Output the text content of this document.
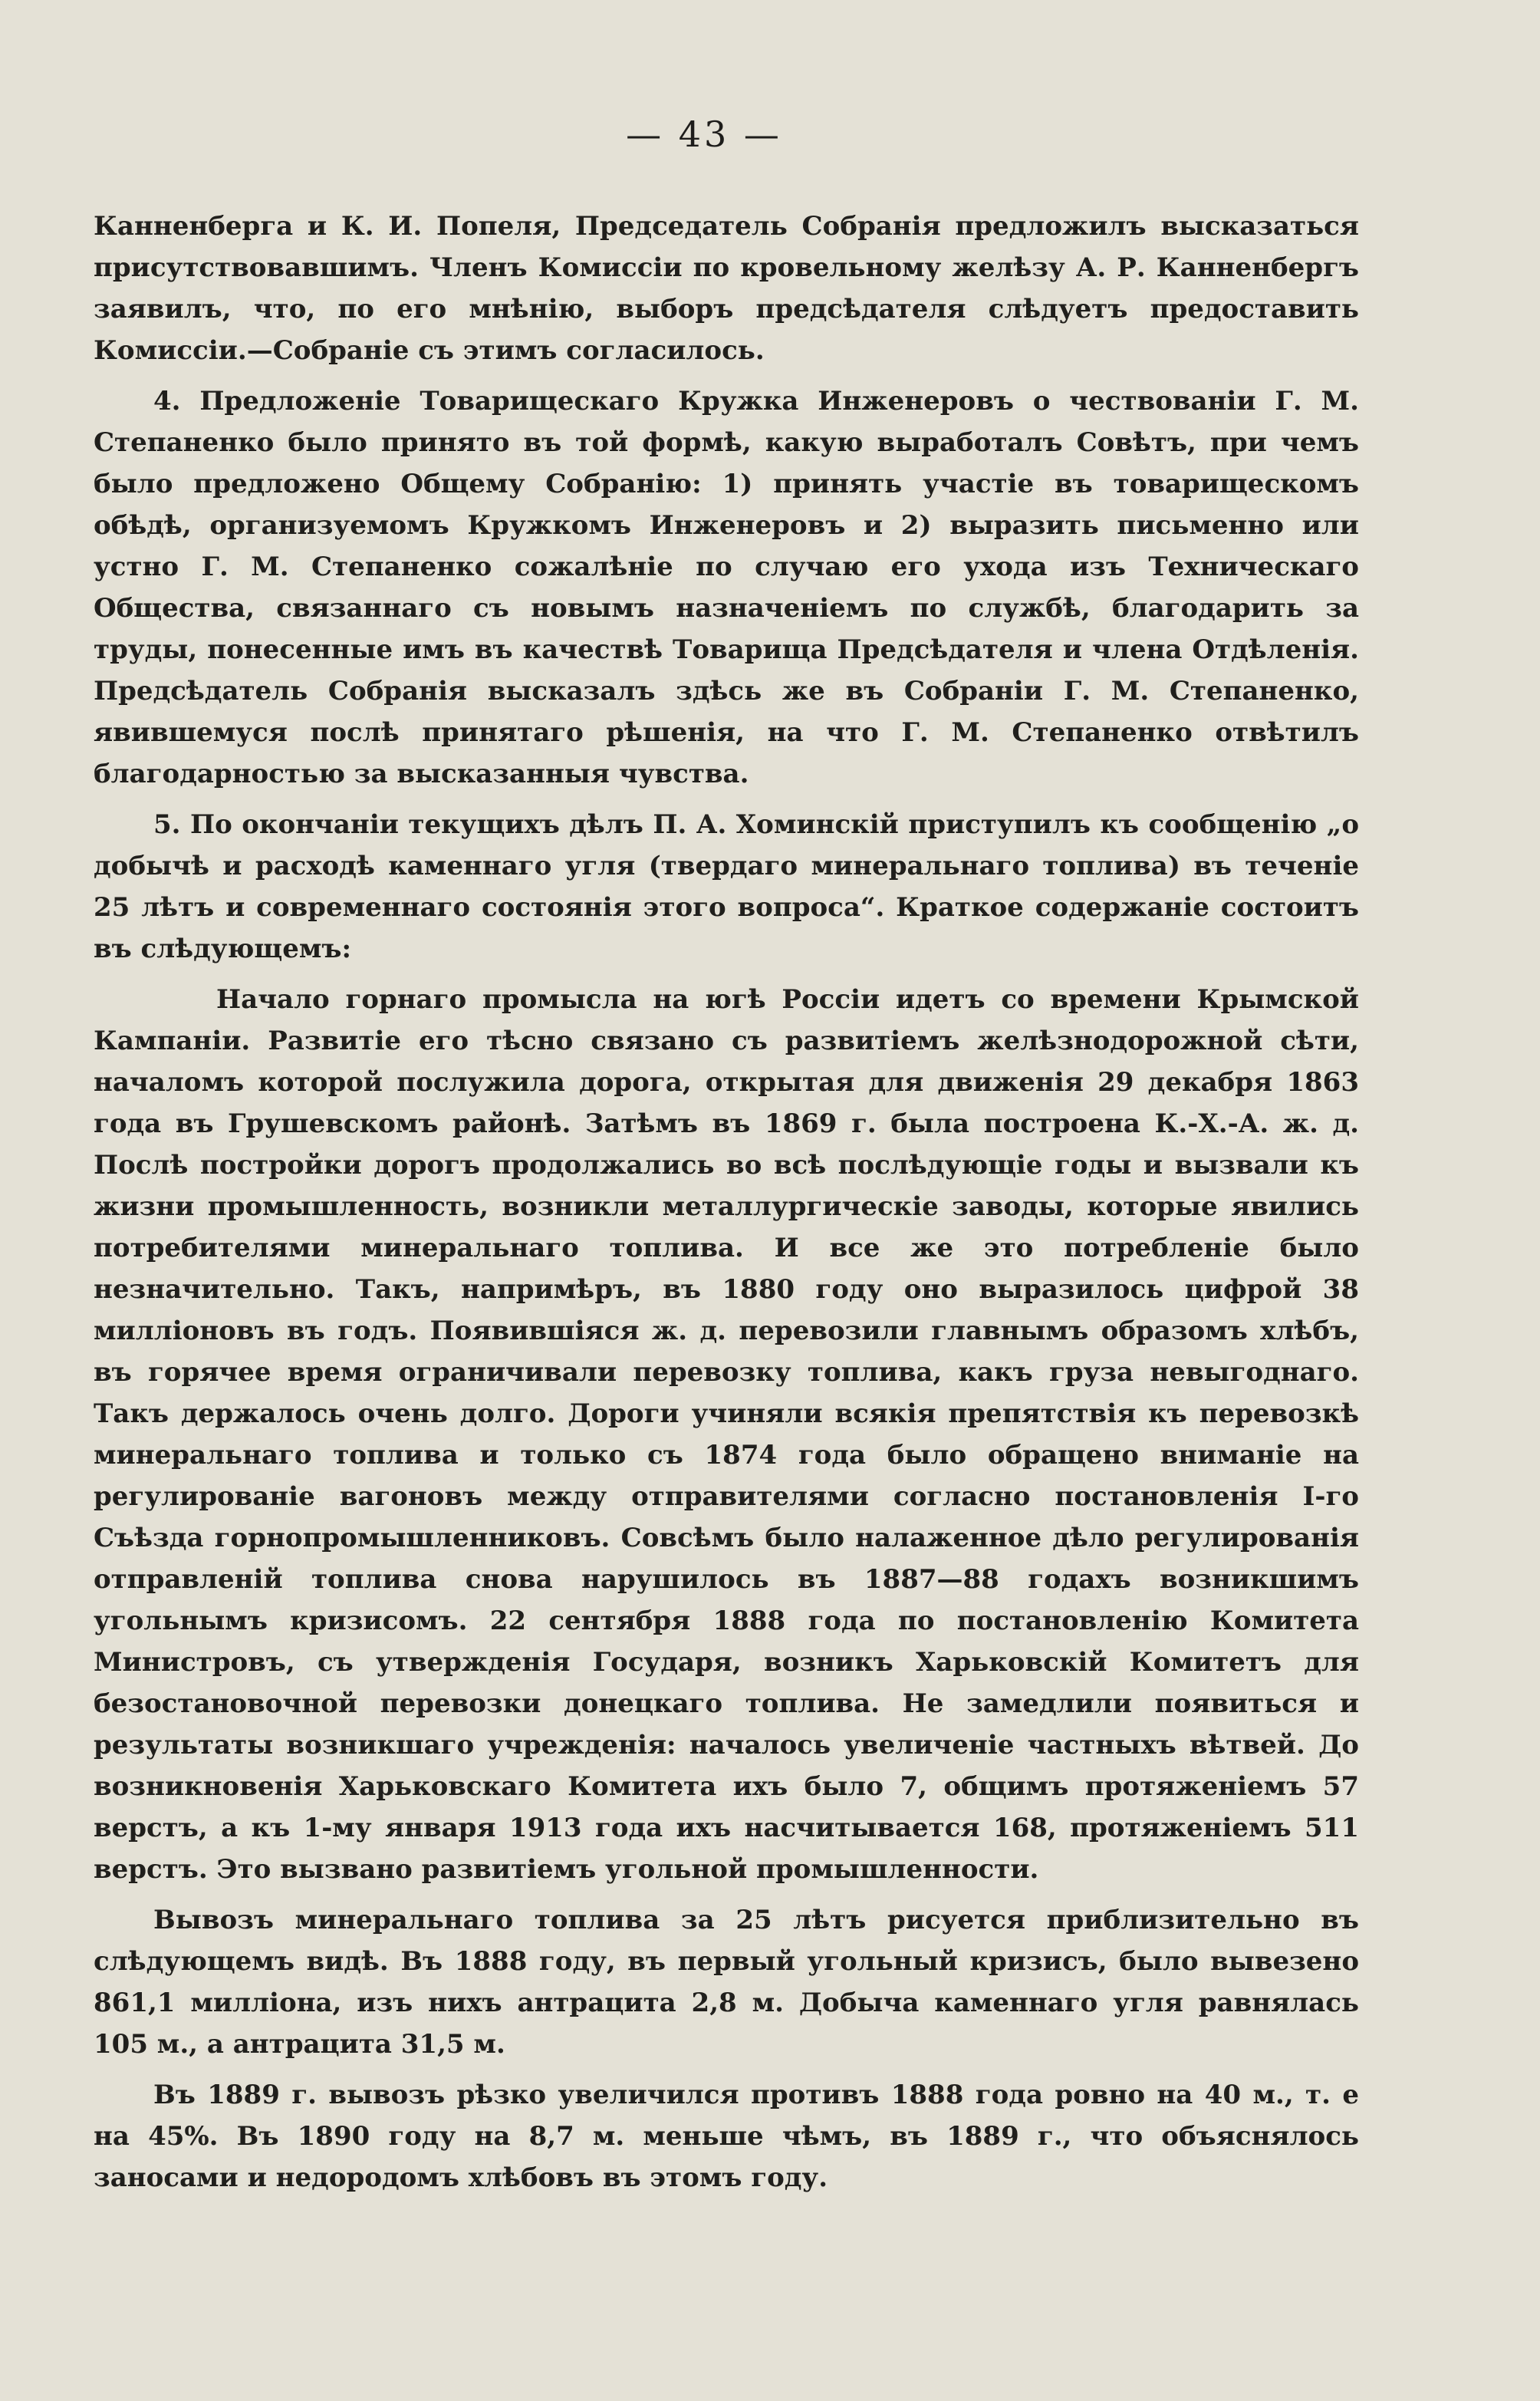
— 43 —

Канненберга и К. И. Попеля, Председатель Собранія предложилъ высказаться присутствовавшимъ. Членъ Комиссіи по кровельному желѣзу А. Р. Канненбергъ заявилъ, что, по его мнѣнію, выборъ предсѣдателя слѣдуетъ предоставить Комиссіи.—Собраніе съ этимъ согласилось.

4. Предложеніе Товарищескаго Кружка Инженеровъ о чествованіи Г. М. Степаненко было принято въ той формѣ, какую выработалъ Совѣтъ, при чемъ было предложено Общему Собранію: 1) принять участіе въ товарищескомъ обѣдѣ, организуемомъ Кружкомъ Инженеровъ и 2) выразить письменно или устно Г. М. Степаненко сожалѣніе по случаю его ухода изъ Техническаго Общества, связаннаго съ новымъ назначеніемъ по службѣ, благодарить за труды, понесенные имъ въ качествѣ Товарища Предсѣдателя и члена Отдѣленія. Предсѣдатель Собранія высказалъ здѣсь же въ Собраніи Г. М. Степаненко, явившемуся послѣ принятаго рѣшенія, на что Г. М. Степаненко отвѣтилъ благодарностью за высказанныя чувства.

5. По окончаніи текущихъ дѣлъ П. А. Хоминскій приступилъ къ сообщенію „о добычѣ и расходѣ каменнаго угля (твердаго минеральнаго топлива) въ теченіе 25 лѣтъ и современнаго состоянія этого вопроса“. Краткое содержаніе состоитъ въ слѣдующемъ:

Начало горнаго промысла на югѣ Россіи идетъ со времени Крымской Кампаніи. Развитіе его тѣсно связано съ развитіемъ желѣзнодорожной сѣти, началомъ которой послужила дорога, открытая для движенія 29 декабря 1863 года въ Грушевскомъ районѣ. Затѣмъ въ 1869 г. была построена К.-Х.-А. ж. д. Послѣ постройки дорогъ продолжались во всѣ послѣдующіе годы и вызвали къ жизни промышленность, возникли металлургическіе заводы, которые явились потребителями минеральнаго топлива. И все же это потребленіе было незначительно. Такъ, напримѣръ, въ 1880 году оно выразилось цифрой 38 милліоновъ въ годъ. Появившіяся ж. д. перевозили главнымъ образомъ хлѣбъ, въ горячее время ограничивали перевозку топлива, какъ груза невыгоднаго. Такъ держалось очень долго. Дороги учиняли всякія препятствія къ перевозкѣ минеральнаго топлива и только съ 1874 года было обращено вниманіе на регулированіе вагоновъ между отправителями согласно постановленія І-го Съѣзда горнопромышленниковъ. Совсѣмъ было налаженное дѣло регулированія отправленій топлива снова нарушилось въ 1887—88 годахъ возникшимъ угольнымъ кризисомъ. 22 сентября 1888 года по постановленію Комитета Министровъ, съ утвержденія Государя, возникъ Харьковскій Комитетъ для безостановочной перевозки донецкаго топлива. Не замедлили появиться и результаты возникшаго учрежденія: началось увеличеніе частныхъ вѣтвей. До возникновенія Харьковскаго Комитета ихъ было 7, общимъ протяженіемъ 57 верстъ, а къ 1-му января 1913 года ихъ насчитывается 168, протяженіемъ 511 верстъ. Это вызвано развитіемъ угольной промышленности.

Вывозъ минеральнаго топлива за 25 лѣтъ рисуется приблизительно въ слѣдующемъ видѣ. Въ 1888 году, въ первый угольный кризисъ, было вывезено 861,1 милліона, изъ нихъ антрацита 2,8 м. Добыча каменнаго угля равнялась 105 м., а антрацита 31,5 м.

Въ 1889 г. вывозъ рѣзко увеличился противъ 1888 года ровно на 40 м., т. е на 45%. Въ 1890 году на 8,7 м. меньше чѣмъ, въ 1889 г., что объяснялось заносами и недородомъ хлѣбовъ въ этомъ году.
